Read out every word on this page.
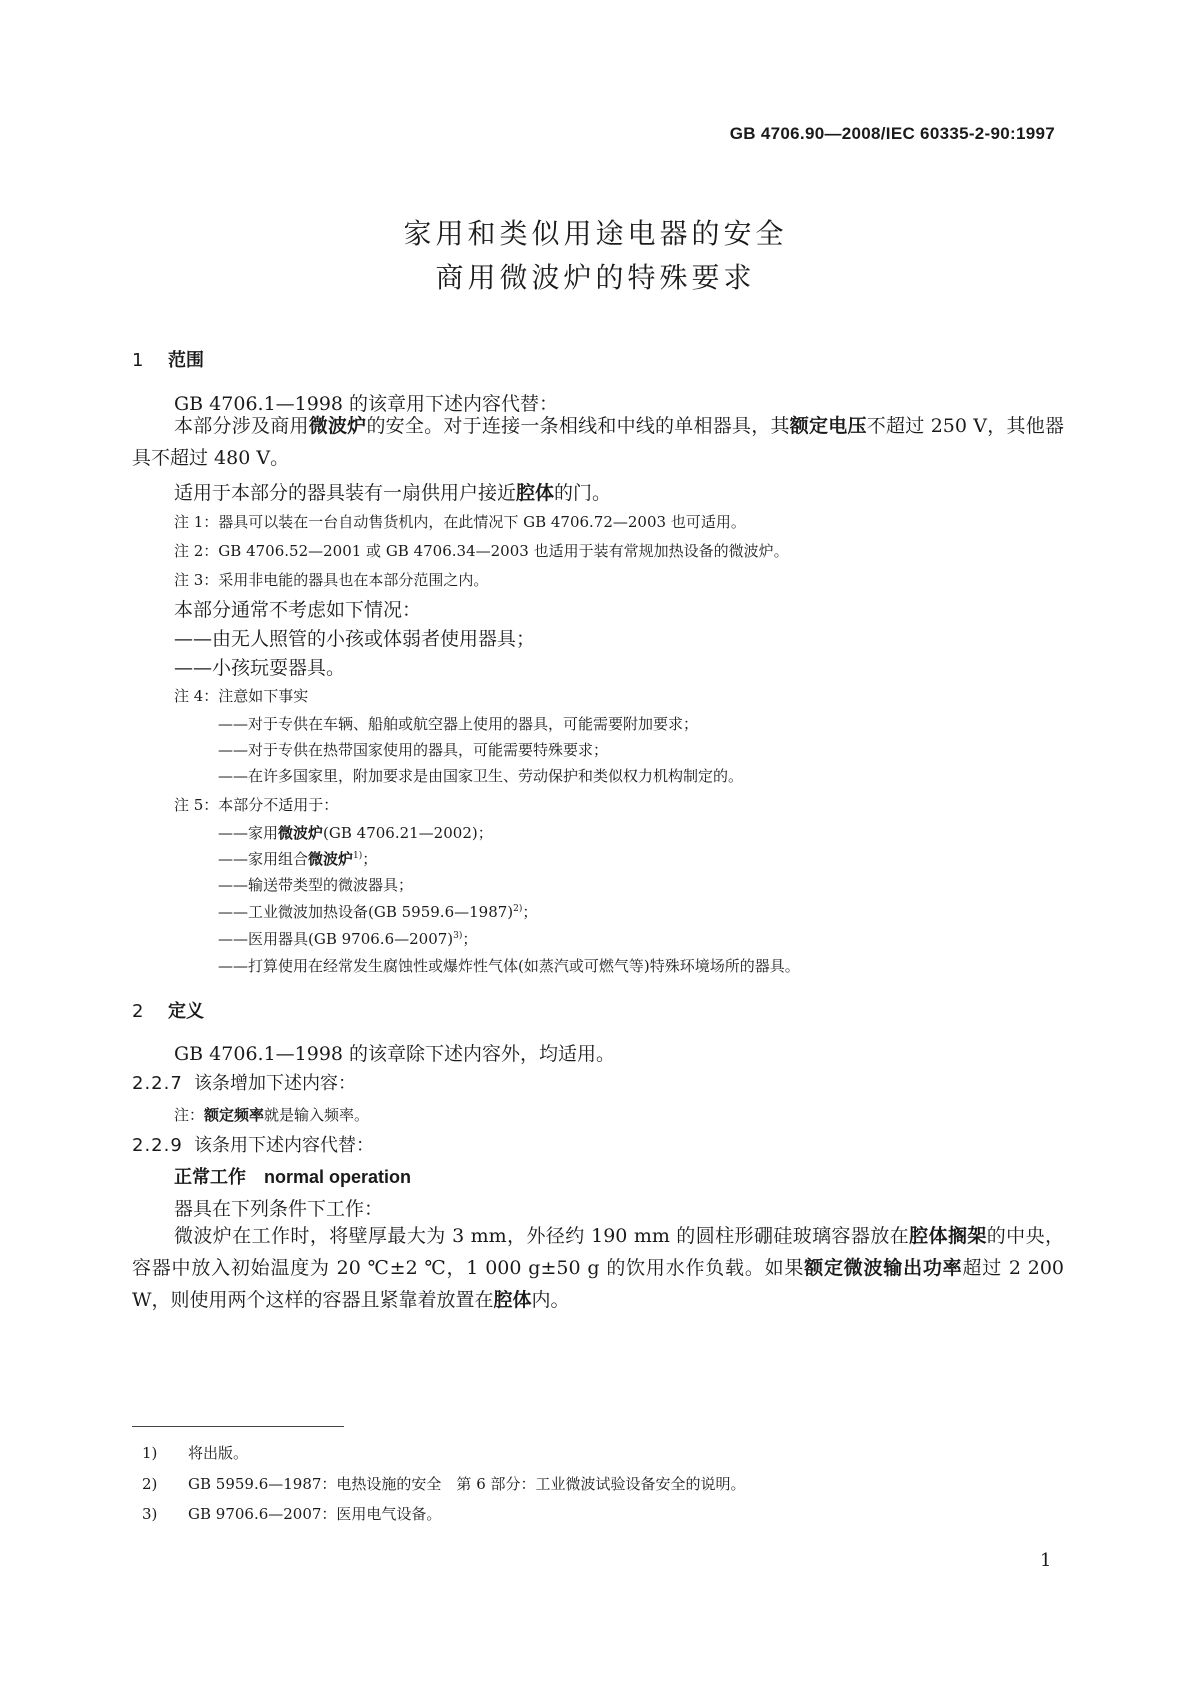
GB 4706.90—2008/IEC 60335-2-90:1997
家用和类似用途电器的安全
商用微波炉的特殊要求
1 范围
GB 4706.1—1998 的该章用下述内容代替：
本部分涉及商用微波炉的安全。对于连接一条相线和中线的单相器具，其额定电压不超过 250 V，其他器具不超过 480 V。
适用于本部分的器具装有一扇供用户接近腔体的门。
注 1：器具可以装在一台自动售货机内，在此情况下 GB 4706.72—2003 也可适用。
注 2：GB 4706.52—2001 或 GB 4706.34—2003 也适用于装有常规加热设备的微波炉。
注 3：采用非电能的器具也在本部分范围之内。
本部分通常不考虑如下情况：
——由无人照管的小孩或体弱者使用器具；
——小孩玩耍器具。
注 4：注意如下事实
——对于专供在车辆、船舶或航空器上使用的器具，可能需要附加要求；
——对于专供在热带国家使用的器具，可能需要特殊要求；
——在许多国家里，附加要求是由国家卫生、劳动保护和类似权力机构制定的。
注 5：本部分不适用于：
——家用微波炉(GB 4706.21—2002)；
——家用组合微波炉$^{1)}$；
——输送带类型的微波器具；
——工业微波加热设备(GB 5959.6—1987)$^{2)}$；
——医用器具(GB 9706.6—2007)$^{3)}$；
——打算使用在经常发生腐蚀性或爆炸性气体(如蒸汽或可燃气等)特殊环境场所的器具。
2 定义
GB 4706.1—1998 的该章除下述内容外，均适用。
2.2.7 该条增加下述内容：
注：额定频率就是输入频率。
2.2.9 该条用下述内容代替：
正常工作 normal operation
器具在下列条件下工作：
微波炉在工作时，将壁厚最大为 3 mm，外径约 190 mm 的圆柱形硼硅玻璃容器放在腔体搁架的中央，容器中放入初始温度为 20 ℃±2 ℃，1 000 g±50 g 的饮用水作负载。如果额定微波输出功率超过 2 200 W，则使用两个这样的容器且紧靠着放置在腔体内。
1) 将出版。
2) GB 5959.6—1987：电热设施的安全　第 6 部分：工业微波试验设备安全的说明。
3) GB 9706.6—2007：医用电气设备。
1
